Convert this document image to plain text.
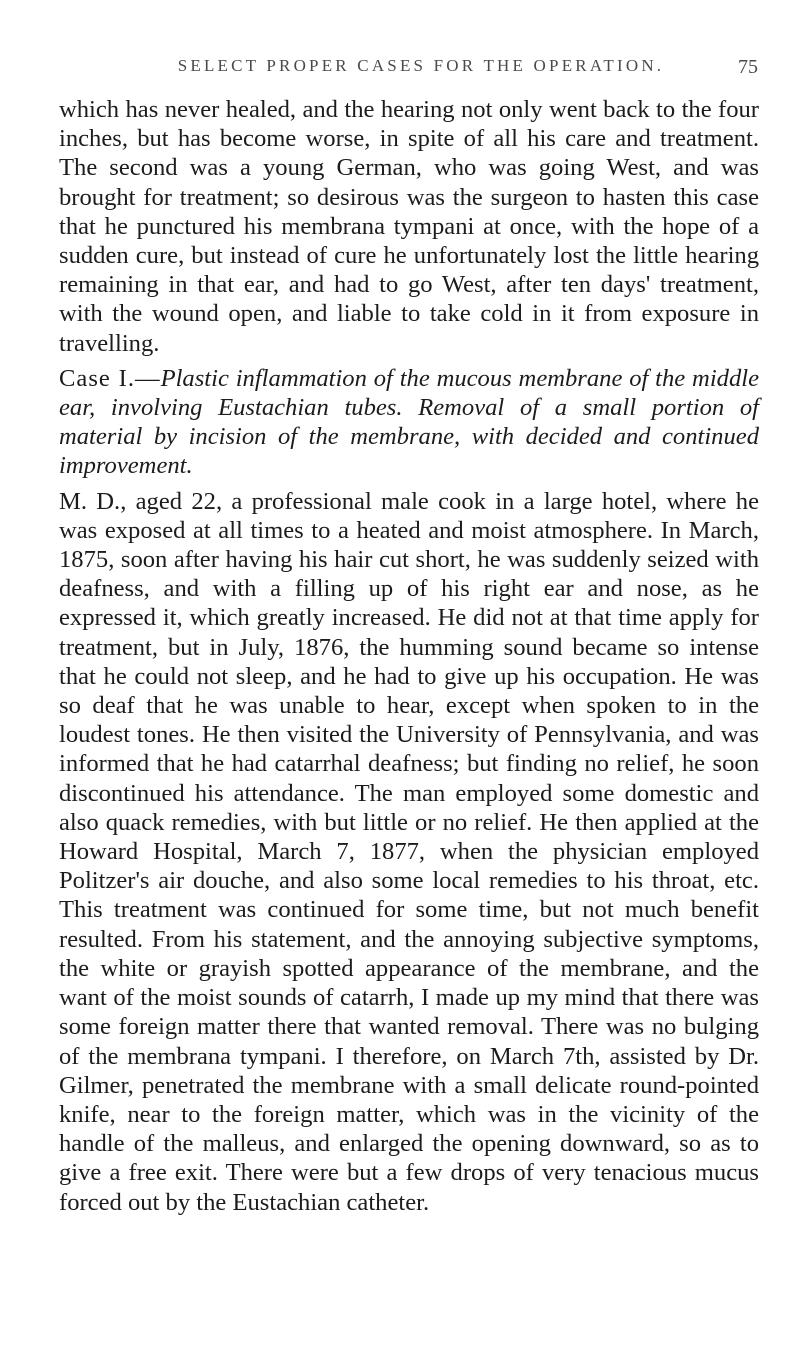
SELECT PROPER CASES FOR THE OPERATION.	75

which has never healed, and the hearing not only went back to the four inches, but has become worse, in spite of all his care and treatment. The second was a young German, who was going West, and was brought for treatment; so desirous was the surgeon to hasten this case that he punctured his membrana tympani at once, with the hope of a sudden cure, but instead of cure he unfortunately lost the little hearing remaining in that ear, and had to go West, after ten days' treatment, with the wound open, and liable to take cold in it from exposure in travelling.

Case I.—Plastic inflammation of the mucous membrane of the middle ear, involving Eustachian tubes. Removal of a small portion of material by incision of the membrane, with decided and continued improvement.

M. D., aged 22, a professional male cook in a large hotel, where he was exposed at all times to a heated and moist atmosphere. In March, 1875, soon after having his hair cut short, he was suddenly seized with deafness, and with a filling up of his right ear and nose, as he expressed it, which greatly increased. He did not at that time apply for treatment, but in July, 1876, the humming sound became so intense that he could not sleep, and he had to give up his occupation. He was so deaf that he was unable to hear, except when spoken to in the loudest tones. He then visited the University of Pennsylvania, and was informed that he had catarrhal deafness; but finding no relief, he soon discontinued his attendance. The man employed some domestic and also quack remedies, with but little or no relief. He then applied at the Howard Hospital, March 7, 1877, when the physician employed Politzer's air douche, and also some local remedies to his throat, etc. This treatment was continued for some time, but not much benefit resulted. From his statement, and the annoying subjective symptoms, the white or grayish spotted appearance of the membrane, and the want of the moist sounds of catarrh, I made up my mind that there was some foreign matter there that wanted removal. There was no bulging of the membrana tympani. I therefore, on March 7th, assisted by Dr. Gilmer, penetrated the membrane with a small delicate round-pointed knife, near to the foreign matter, which was in the vicinity of the handle of the malleus, and enlarged the opening downward, so as to give a free exit. There were but a few drops of very tenacious mucus forced out by the Eustachian catheter.
